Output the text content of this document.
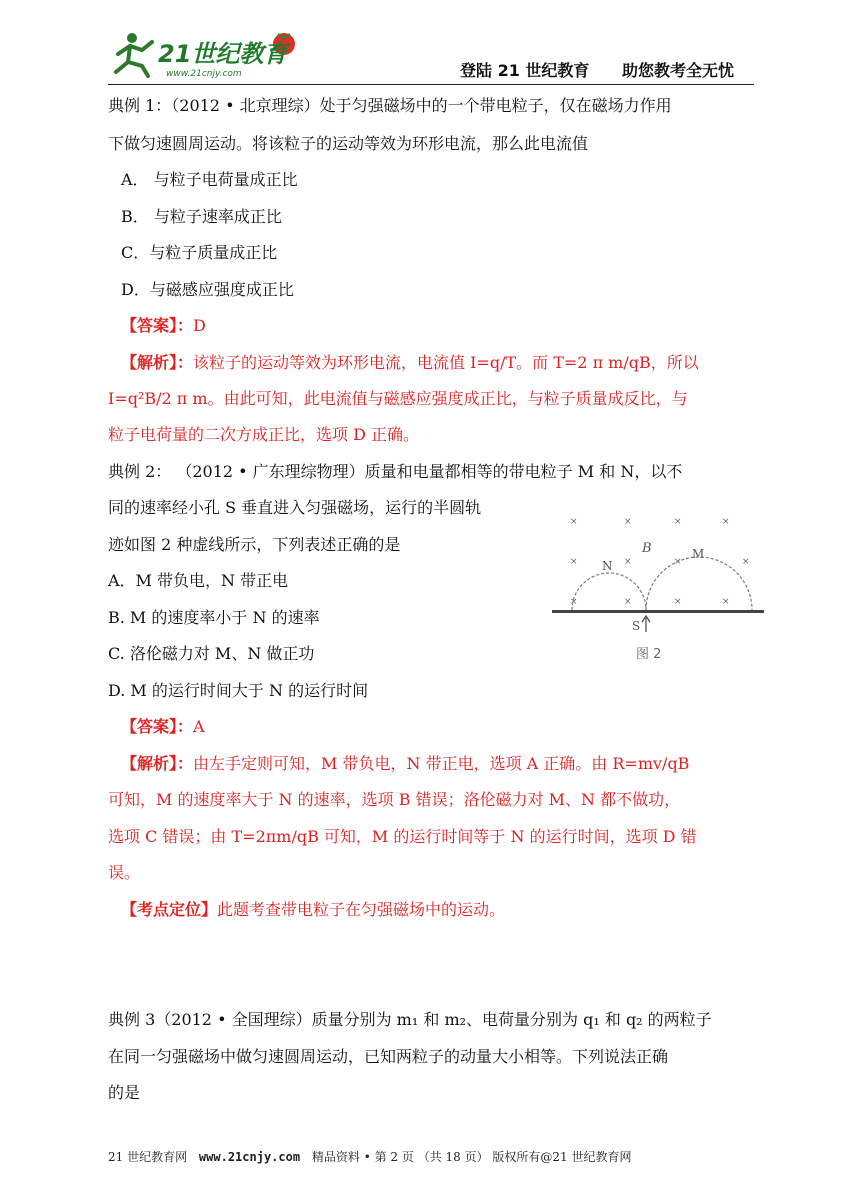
21世纪教育
www.21cnjy.com	登陆 21 世纪教育 助您教考全无忧
典例 1：（2012 • 北京理综）处于匀强磁场中的一个带电粒子，仅在磁场力作用
下做匀速圆周运动。将该粒子的运动等效为环形电流，那么此电流值
A． 与粒子电荷量成正比
B． 与粒子速率成正比
C．与粒子质量成正比
D．与磁感应强度成正比
【答案】：D
【解析】：该粒子的运动等效为环形电流，电流值 I=q/T。而 T=2 π m/qB，所以
I=q²B/2 π m。由此可知，此电流值与磁感应强度成正比，与粒子质量成反比，与
粒子电荷量的二次方成正比，选项 D 正确。
典例 2： （2012 • 广东理综物理）质量和电量都相等的带电粒子 M 和 N，以不
同的速率经小孔 S 垂直进入匀强磁场，运行的半圆轨
迹如图 2 种虚线所示，下列表述正确的是
A．M 带负电，N 带正电
B. M 的速度率小于 N 的速率
C. 洛伦磁力对 M、N 做正功
D. M 的运行时间大于 N 的运行时间
×	×	×	×
×	×	×	×
×	×	×	×
B	M
N
S
图 2
【答案】：A
【解析】：由左手定则可知，M 带负电，N 带正电，选项 A 正确。由 R=mv/qB
可知，M 的速度率大于 N 的速率，选项 B 错误；洛伦磁力对 M、N 都不做功，
选项 C 错误；由 T=2πm/qB 可知，M 的运行时间等于 N 的运行时间，选项 D 错
误。
【考点定位】此题考查带电粒子在匀强磁场中的运动。
典例 3（2012 • 全国理综）质量分别为 m₁ 和 m₂、电荷量分别为 q₁ 和 q₂ 的两粒子
在同一匀强磁场中做匀速圆周运动，已知两粒子的动量大小相等。下列说法正确
的是
21 世纪教育网 www.21cnjy.com 精品资料 • 第 2 页 （共 18 页） 版权所有@21 世纪教育网
